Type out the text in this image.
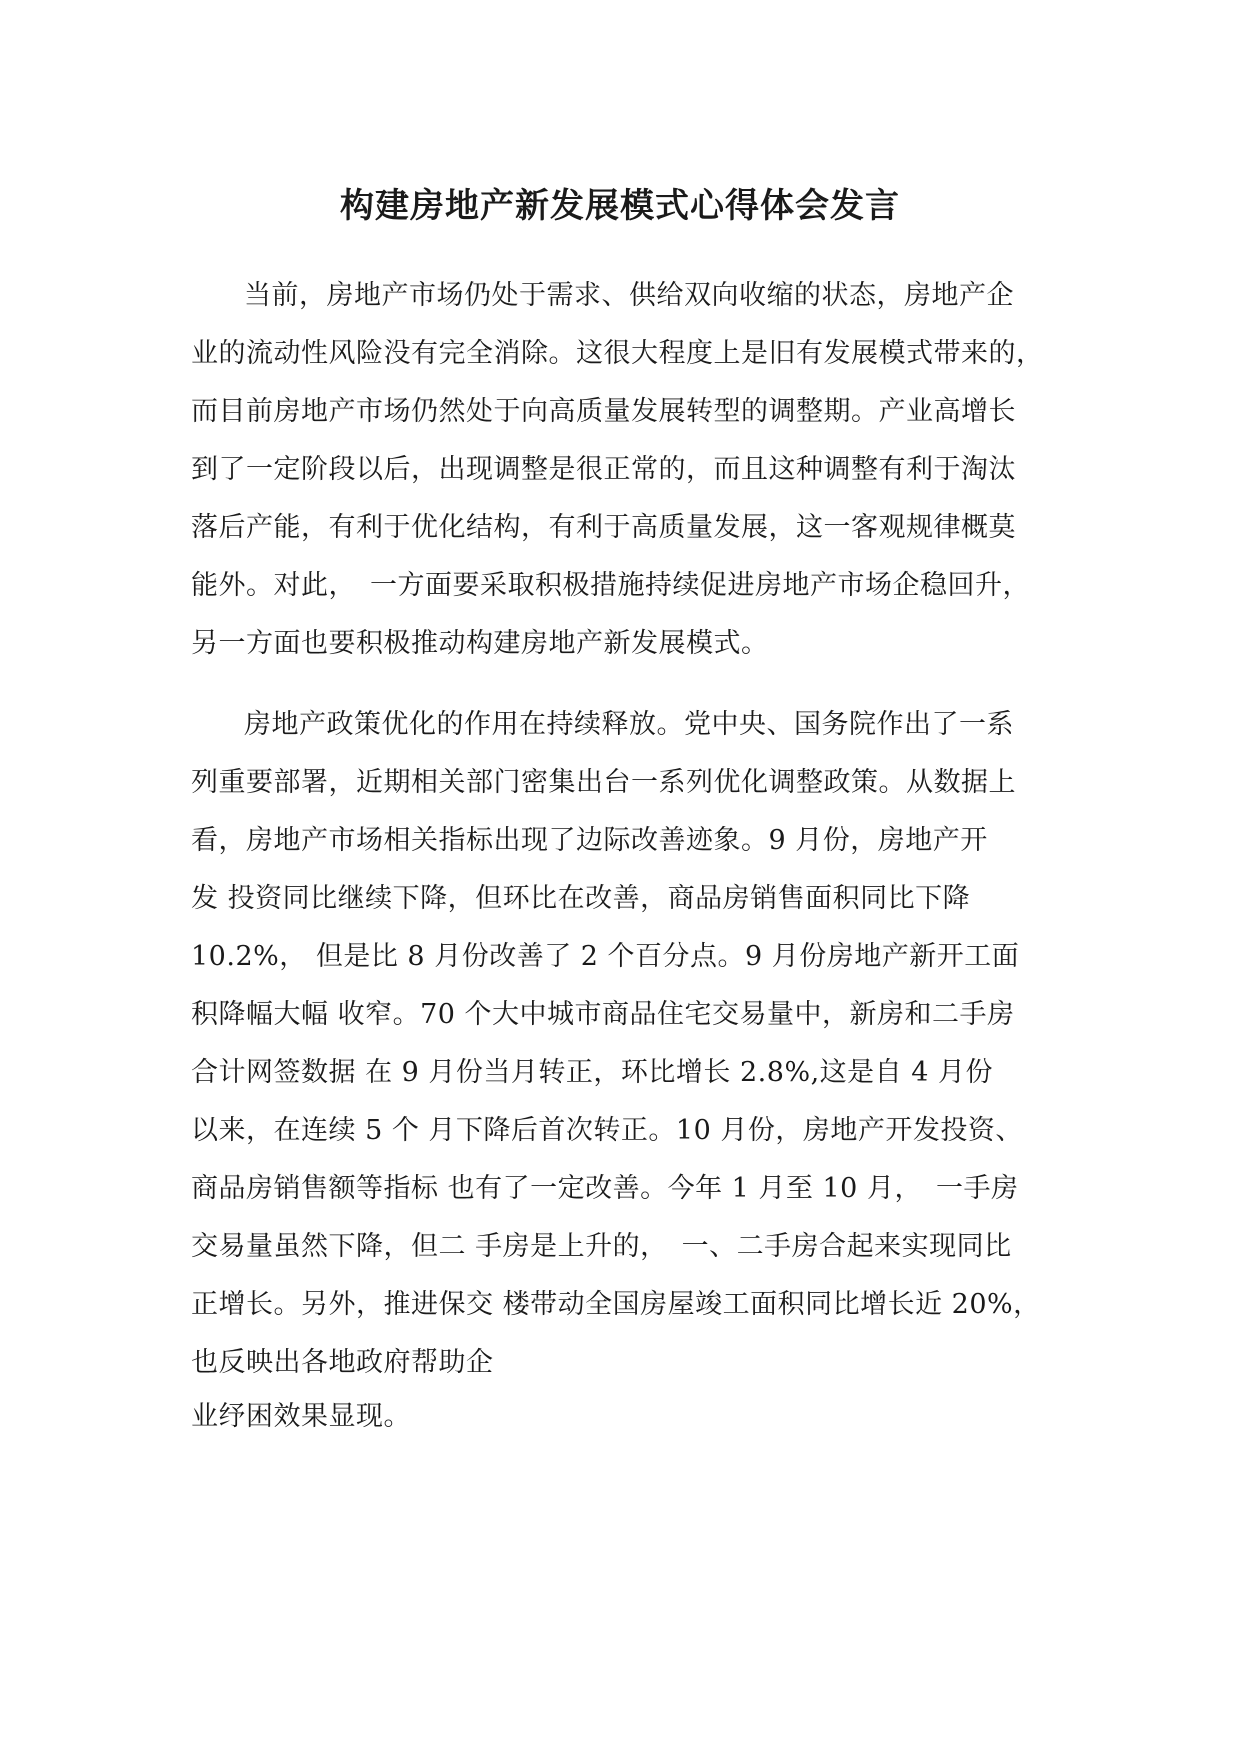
构建房地产新发展模式心得体会发言
当前，房地产市场仍处于需求、供给双向收缩的状态，房地产企
业的流动性风险没有完全消除。这很大程度上是旧有发展模式带来的，
而目前房地产市场仍然处于向高质量发展转型的调整期。产业高增长
到了一定阶段以后，出现调整是很正常的，而且这种调整有利于淘汰
落后产能，有利于优化结构，有利于高质量发展，这一客观规律概莫
能外。对此，　一方面要采取积极措施持续促进房地产市场企稳回升，
另一方面也要积极推动构建房地产新发展模式。
房地产政策优化的作用在持续释放。党中央、国务院作出了一系
列重要部署，近期相关部门密集出台一系列优化调整政策。从数据上
看，房地产市场相关指标出现了边际改善迹象。9 月份，房地产开
发 投资同比继续下降，但环比在改善，商品房销售面积同比下降
10.2%， 但是比 8 月份改善了 2 个百分点。9 月份房地产新开工面
积降幅大幅 收窄。70 个大中城市商品住宅交易量中，新房和二手房
合计网签数据 在 9 月份当月转正，环比增长 2.8%,这是自 4 月份
以来，在连续 5 个 月下降后首次转正。10 月份，房地产开发投资、
商品房销售额等指标 也有了一定改善。今年 1 月至 10 月，　一手房
交易量虽然下降，但二 手房是上升的，　一、二手房合起来实现同比
正增长。另外，推进保交 楼带动全国房屋竣工面积同比增长近 20%，
也反映出各地政府帮助企
业纾困效果显现。
